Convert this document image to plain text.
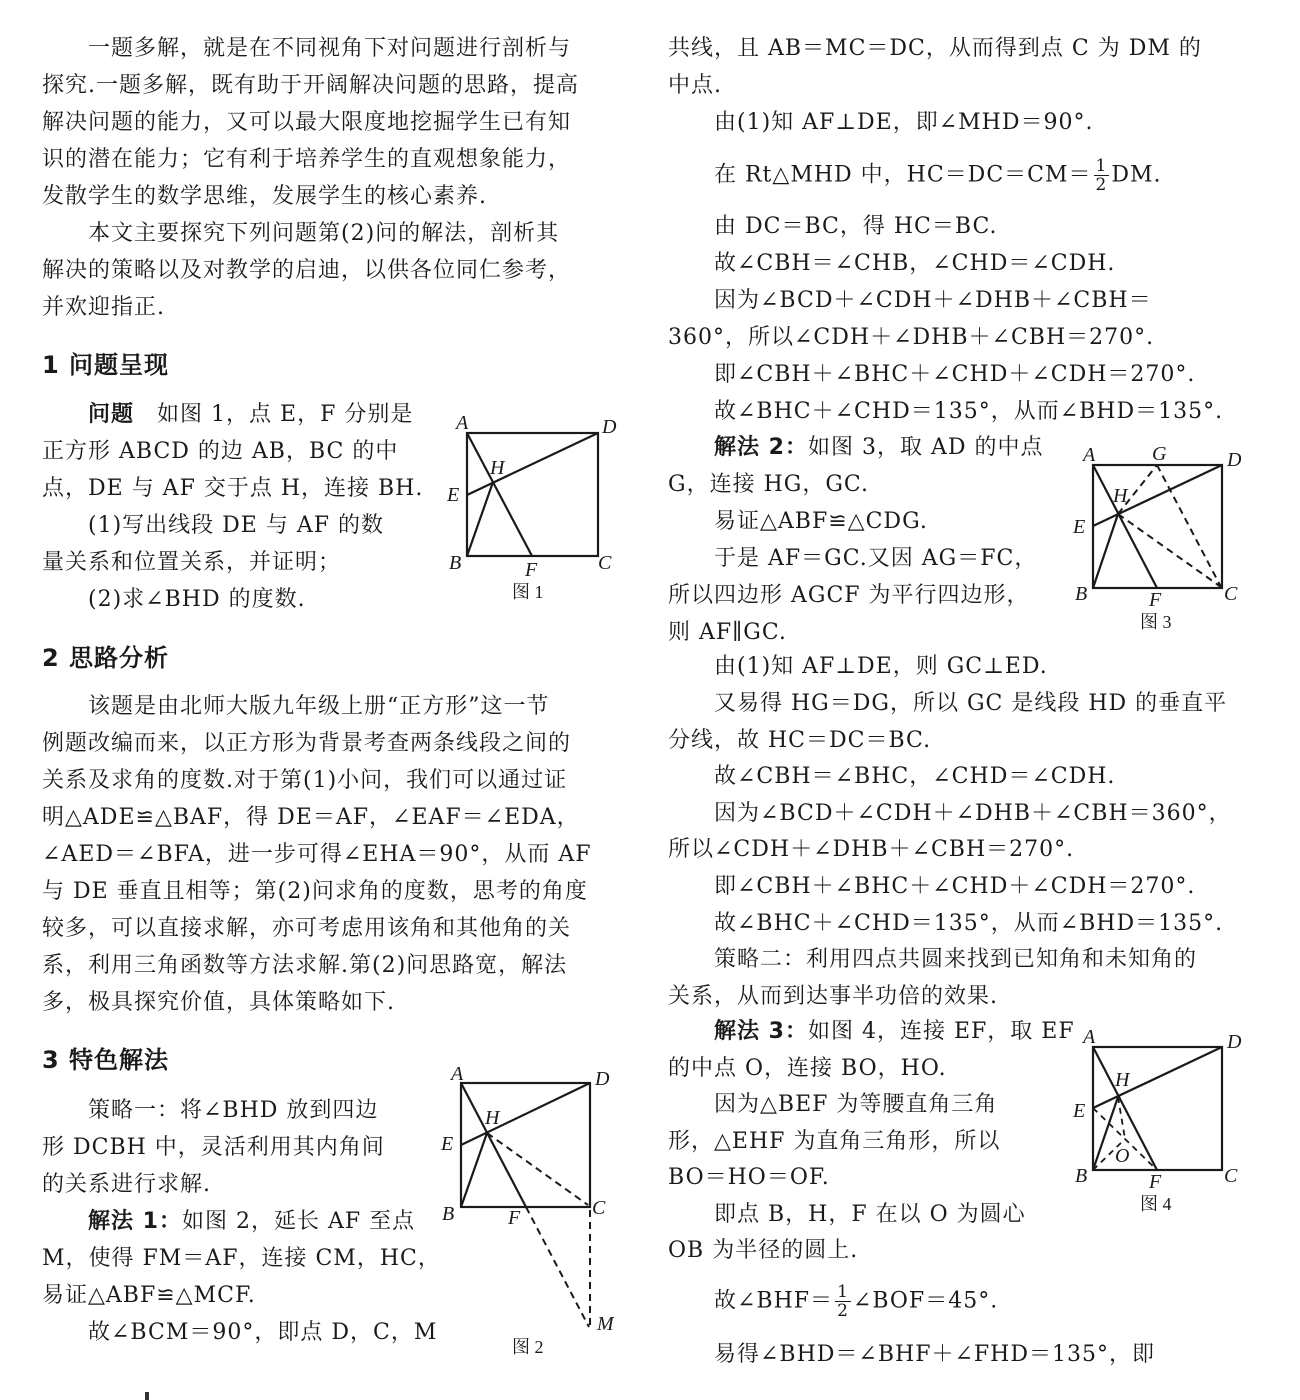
　　一题多解，就是在不同视角下对问题进行剖析与
探究.一题多解，既有助于开阔解决问题的思路，提高
解决问题的能力，又可以最大限度地挖掘学生已有知
识的潜在能力；它有利于培养学生的直观想象能力，
发散学生的数学思维，发展学生的核心素养.
　　本文主要探究下列问题第(2)问的解法，剖析其
解决的策略以及对教学的启迪，以供各位同仁参考，
并欢迎指正.
1 问题呈现
　　问题　如图 1，点 E，F 分别是
正方形 ABCD 的边 AB，BC 的中
点，DE 与 AF 交于点 H，连接 BH.
　　(1)写出线段 DE 与 AF 的数
量关系和位置关系，并证明；
　　(2)求∠BHD 的度数.
A	D
H
E
B	F	C
图 1
2 思路分析
　　该题是由北师大版九年级上册“正方形”这一节
例题改编而来，以正方形为背景考查两条线段之间的
关系及求角的度数.对于第(1)小问，我们可以通过证
明△ADE≌△BAF，得 DE＝AF，∠EAF＝∠EDA，
∠AED＝∠BFA，进一步可得∠EHA＝90°，从而 AF
与 DE 垂直且相等；第(2)问求角的度数，思考的角度
较多，可以直接求解，亦可考虑用该角和其他角的关
系，利用三角函数等方法求解.第(2)问思路宽，解法
多，极具探究价值，具体策略如下.
3 特色解法
　　策略一：将∠BHD 放到四边
形 DCBH 中，灵活利用其内角间
的关系进行求解.
　　解法 1：如图 2，延长 AF 至点
M，使得 FM＝AF，连接 CM，HC，
易证△ABF≌△MCF.
　　故∠BCM＝90°，即点 D，C，M
A	D
H
E
B	F	C
M
图 2
共线，且 AB＝MC＝DC，从而得到点 C 为 DM 的
中点.
　　由(1)知 AF⊥DE，即∠MHD＝90°.
　　在 Rt△MHD 中，$HC=DC=CM= \frac{1}{2}$ DM.
　　由 DC＝BC，得 HC＝BC.
　　故∠CBH＝∠CHB，∠CHD＝∠CDH.
　　因为∠BCD＋∠CDH＋∠DHB＋∠CBH＝
360°，所以∠CDH＋∠DHB＋∠CBH＝270°.
　　即∠CBH＋∠BHC＋∠CHD＋∠CDH＝270°.
　　故∠BHC＋∠CHD＝135°，从而∠BHD＝135°.
　　解法 2：如图 3，取 AD 的中点
G，连接 HG，GC.
　　易证△ABF≌△CDG.
　　于是 AF＝GC.又因 AG＝FC，
所以四边形 AGCF 为平行四边形，
则 AF∥GC.
　　由(1)知 AF⊥DE，则 GC⊥ED.
　　又易得 HG＝DG，所以 GC 是线段 HD 的垂直平
分线，故 HC＝DC＝BC.
　　故∠CBH＝∠BHC，∠CHD＝∠CDH.
　　因为∠BCD＋∠CDH＋∠DHB＋∠CBH＝360°，
所以∠CDH＋∠DHB＋∠CBH＝270°.
　　即∠CBH＋∠BHC＋∠CHD＋∠CDH＝270°.
　　故∠BHC＋∠CHD＝135°，从而∠BHD＝135°.
　　策略二：利用四点共圆来找到已知角和未知角的
关系，从而到达事半功倍的效果.
A	G	D
H
E
B	F	C
图 3
　　解法 3：如图 4，连接 EF，取 EF
的中点 O，连接 BO，HO.
　　因为△BEF 为等腰直角三角
形，△EHF 为直角三角形，所以
BO＝HO＝OF.
　　即点 B，H，F 在以 O 为圆心
OB 为半径的圆上.
　　故∠BHF＝ $\frac{1}{2}$ ∠BOF＝45°.
　　易得∠BHD＝∠BHF＋∠FHD＝135°，即
A	D
H
E
O
B	F	C
图 4
